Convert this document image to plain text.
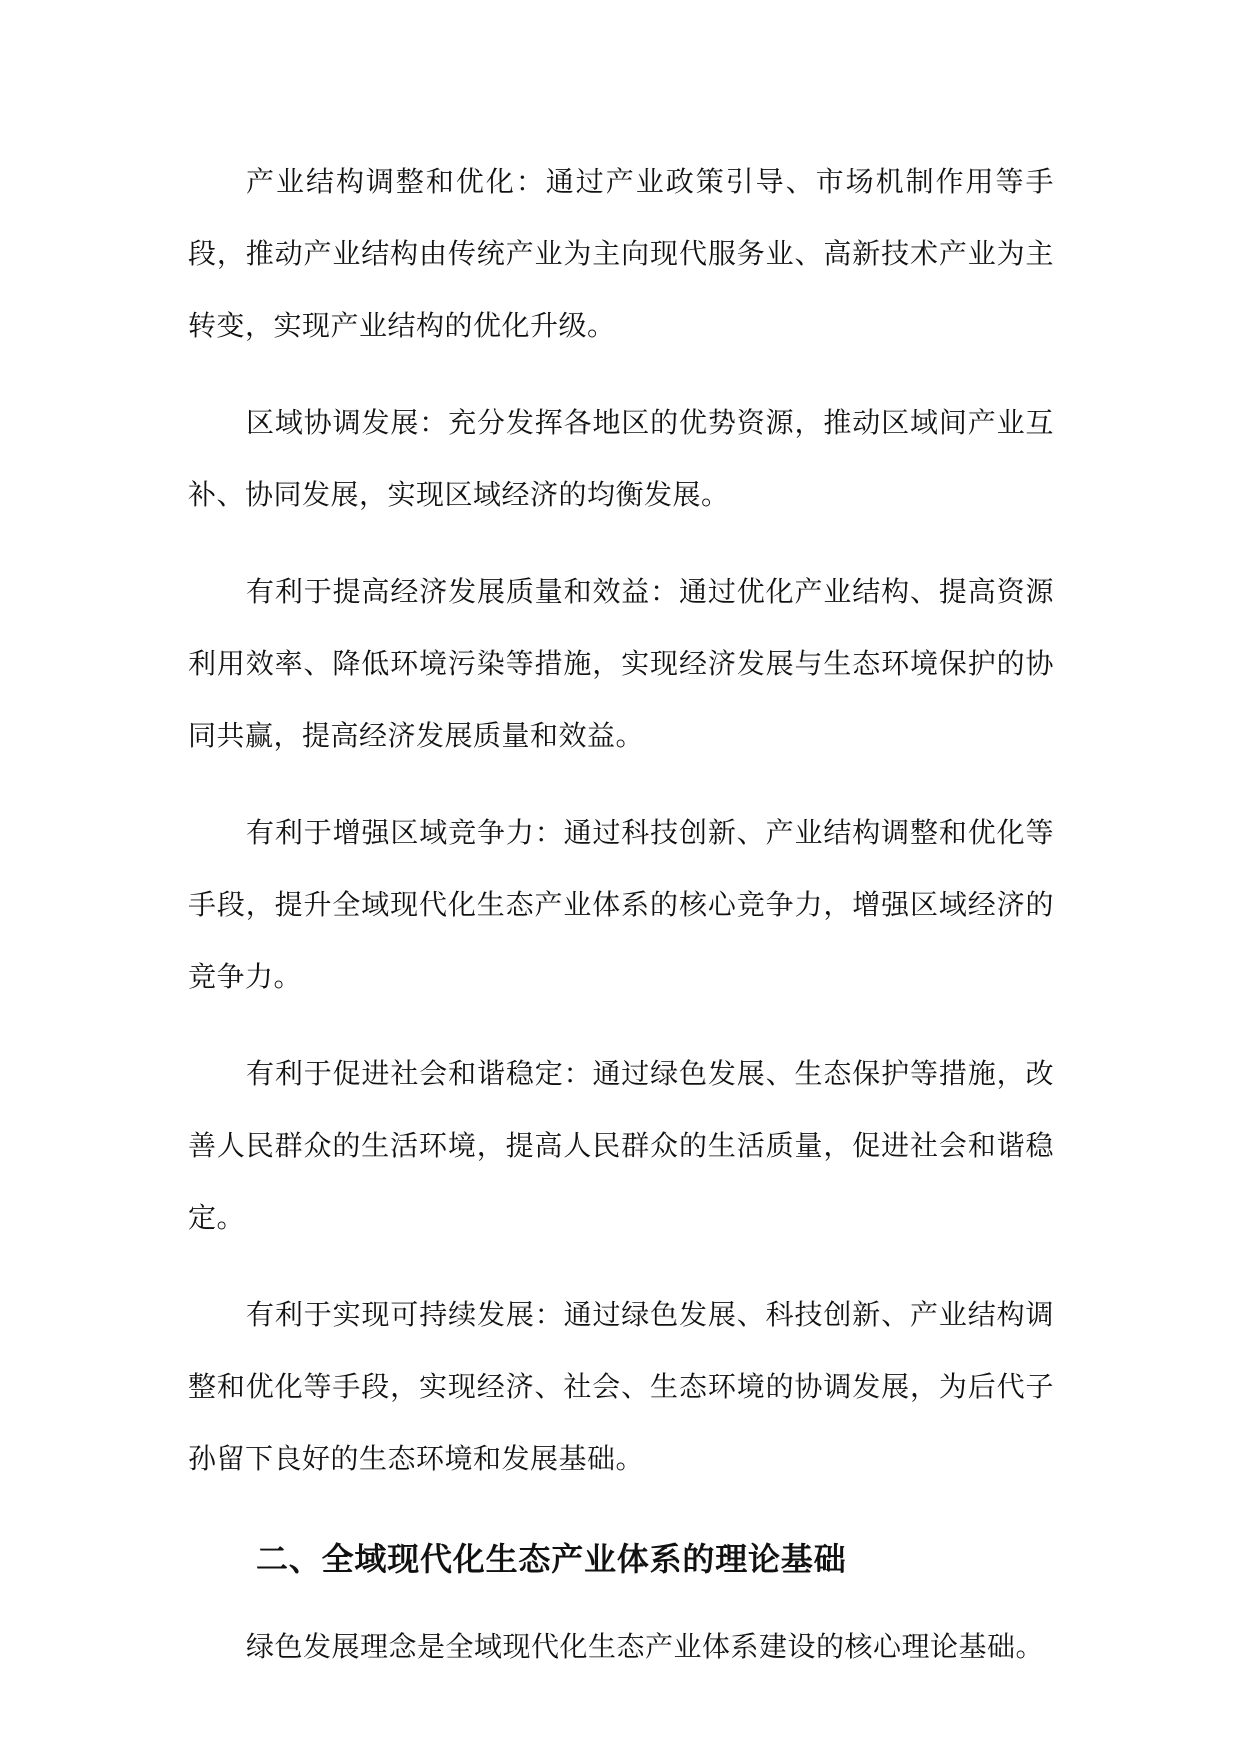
产业结构调整和优化：通过产业政策引导、市场机制作用等手段，推动产业结构由传统产业为主向现代服务业、高新技术产业为主转变，实现产业结构的优化升级。

区域协调发展：充分发挥各地区的优势资源，推动区域间产业互补、协同发展，实现区域经济的均衡发展。

有利于提高经济发展质量和效益：通过优化产业结构、提高资源利用效率、降低环境污染等措施，实现经济发展与生态环境保护的协同共赢，提高经济发展质量和效益。

有利于增强区域竞争力：通过科技创新、产业结构调整和优化等手段，提升全域现代化生态产业体系的核心竞争力，增强区域经济的竞争力。

有利于促进社会和谐稳定：通过绿色发展、生态保护等措施，改善人民群众的生活环境，提高人民群众的生活质量，促进社会和谐稳定。

有利于实现可持续发展：通过绿色发展、科技创新、产业结构调整和优化等手段，实现经济、社会、生态环境的协调发展，为后代子孙留下良好的生态环境和发展基础。

二、全域现代化生态产业体系的理论基础

绿色发展理念是全域现代化生态产业体系建设的核心理论基础。
